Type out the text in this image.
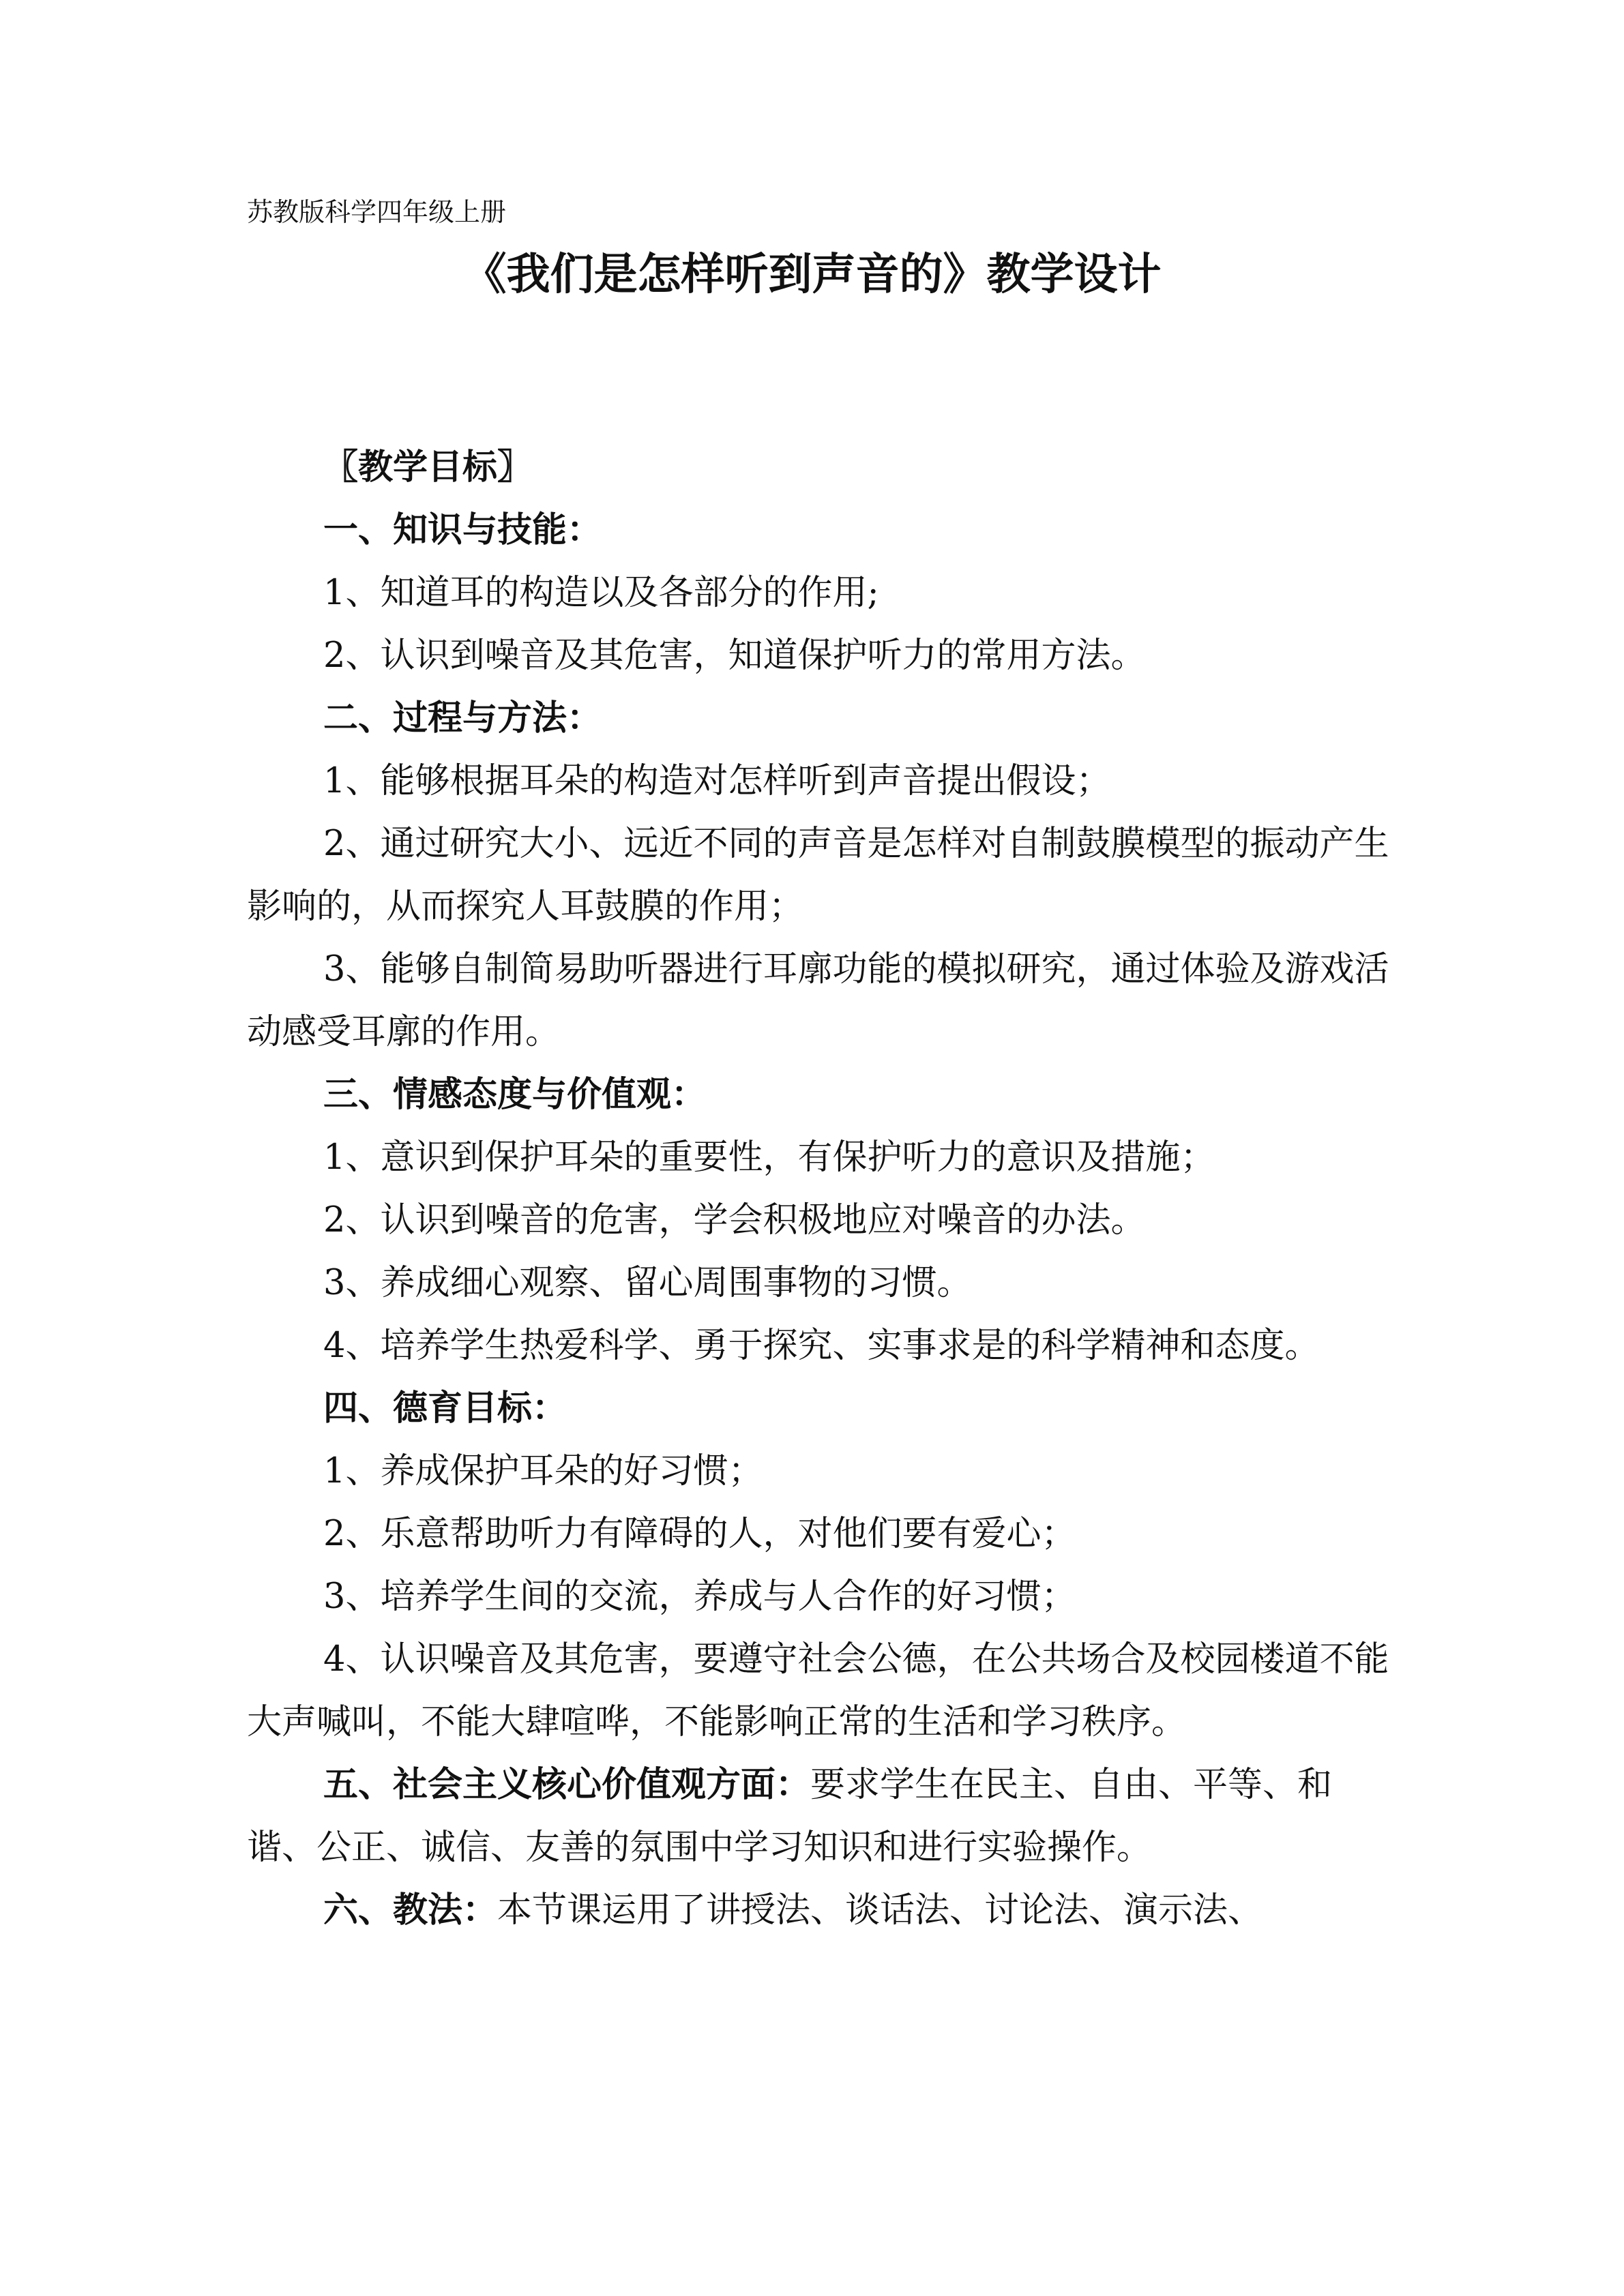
苏教版科学四年级上册
《我们是怎样听到声音的》教学设计

〖教学目标〗

一、知识与技能：

1、知道耳的构造以及各部分的作用;

2、认识到噪音及其危害，知道保护听力的常用方法。

二、过程与方法：

1、能够根据耳朵的构造对怎样听到声音提出假设；

2、通过研究大小、远近不同的声音是怎样对自制鼓膜模型的振动产生影响的，从而探究人耳鼓膜的作用；

3、能够自制简易助听器进行耳廓功能的模拟研究，通过体验及游戏活动感受耳廓的作用。

三、情感态度与价值观：

1、意识到保护耳朵的重要性，有保护听力的意识及措施；

2、认识到噪音的危害，学会积极地应对噪音的办法。

3、养成细心观察、留心周围事物的习惯。

4、培养学生热爱科学、勇于探究、实事求是的科学精神和态度。

四、德育目标：

1、养成保护耳朵的好习惯；

2、乐意帮助听力有障碍的人，对他们要有爱心；

3、培养学生间的交流，养成与人合作的好习惯；

4、认识噪音及其危害，要遵守社会公德，在公共场合及校园楼道不能大声喊叫，不能大肆喧哗，不能影响正常的生活和学习秩序。

五、社会主义核心价值观方面：要求学生在民主、自由、平等、和谐、公正、诚信、友善的氛围中学习知识和进行实验操作。

六、教法：本节课运用了讲授法、谈话法、讨论法、演示法、
